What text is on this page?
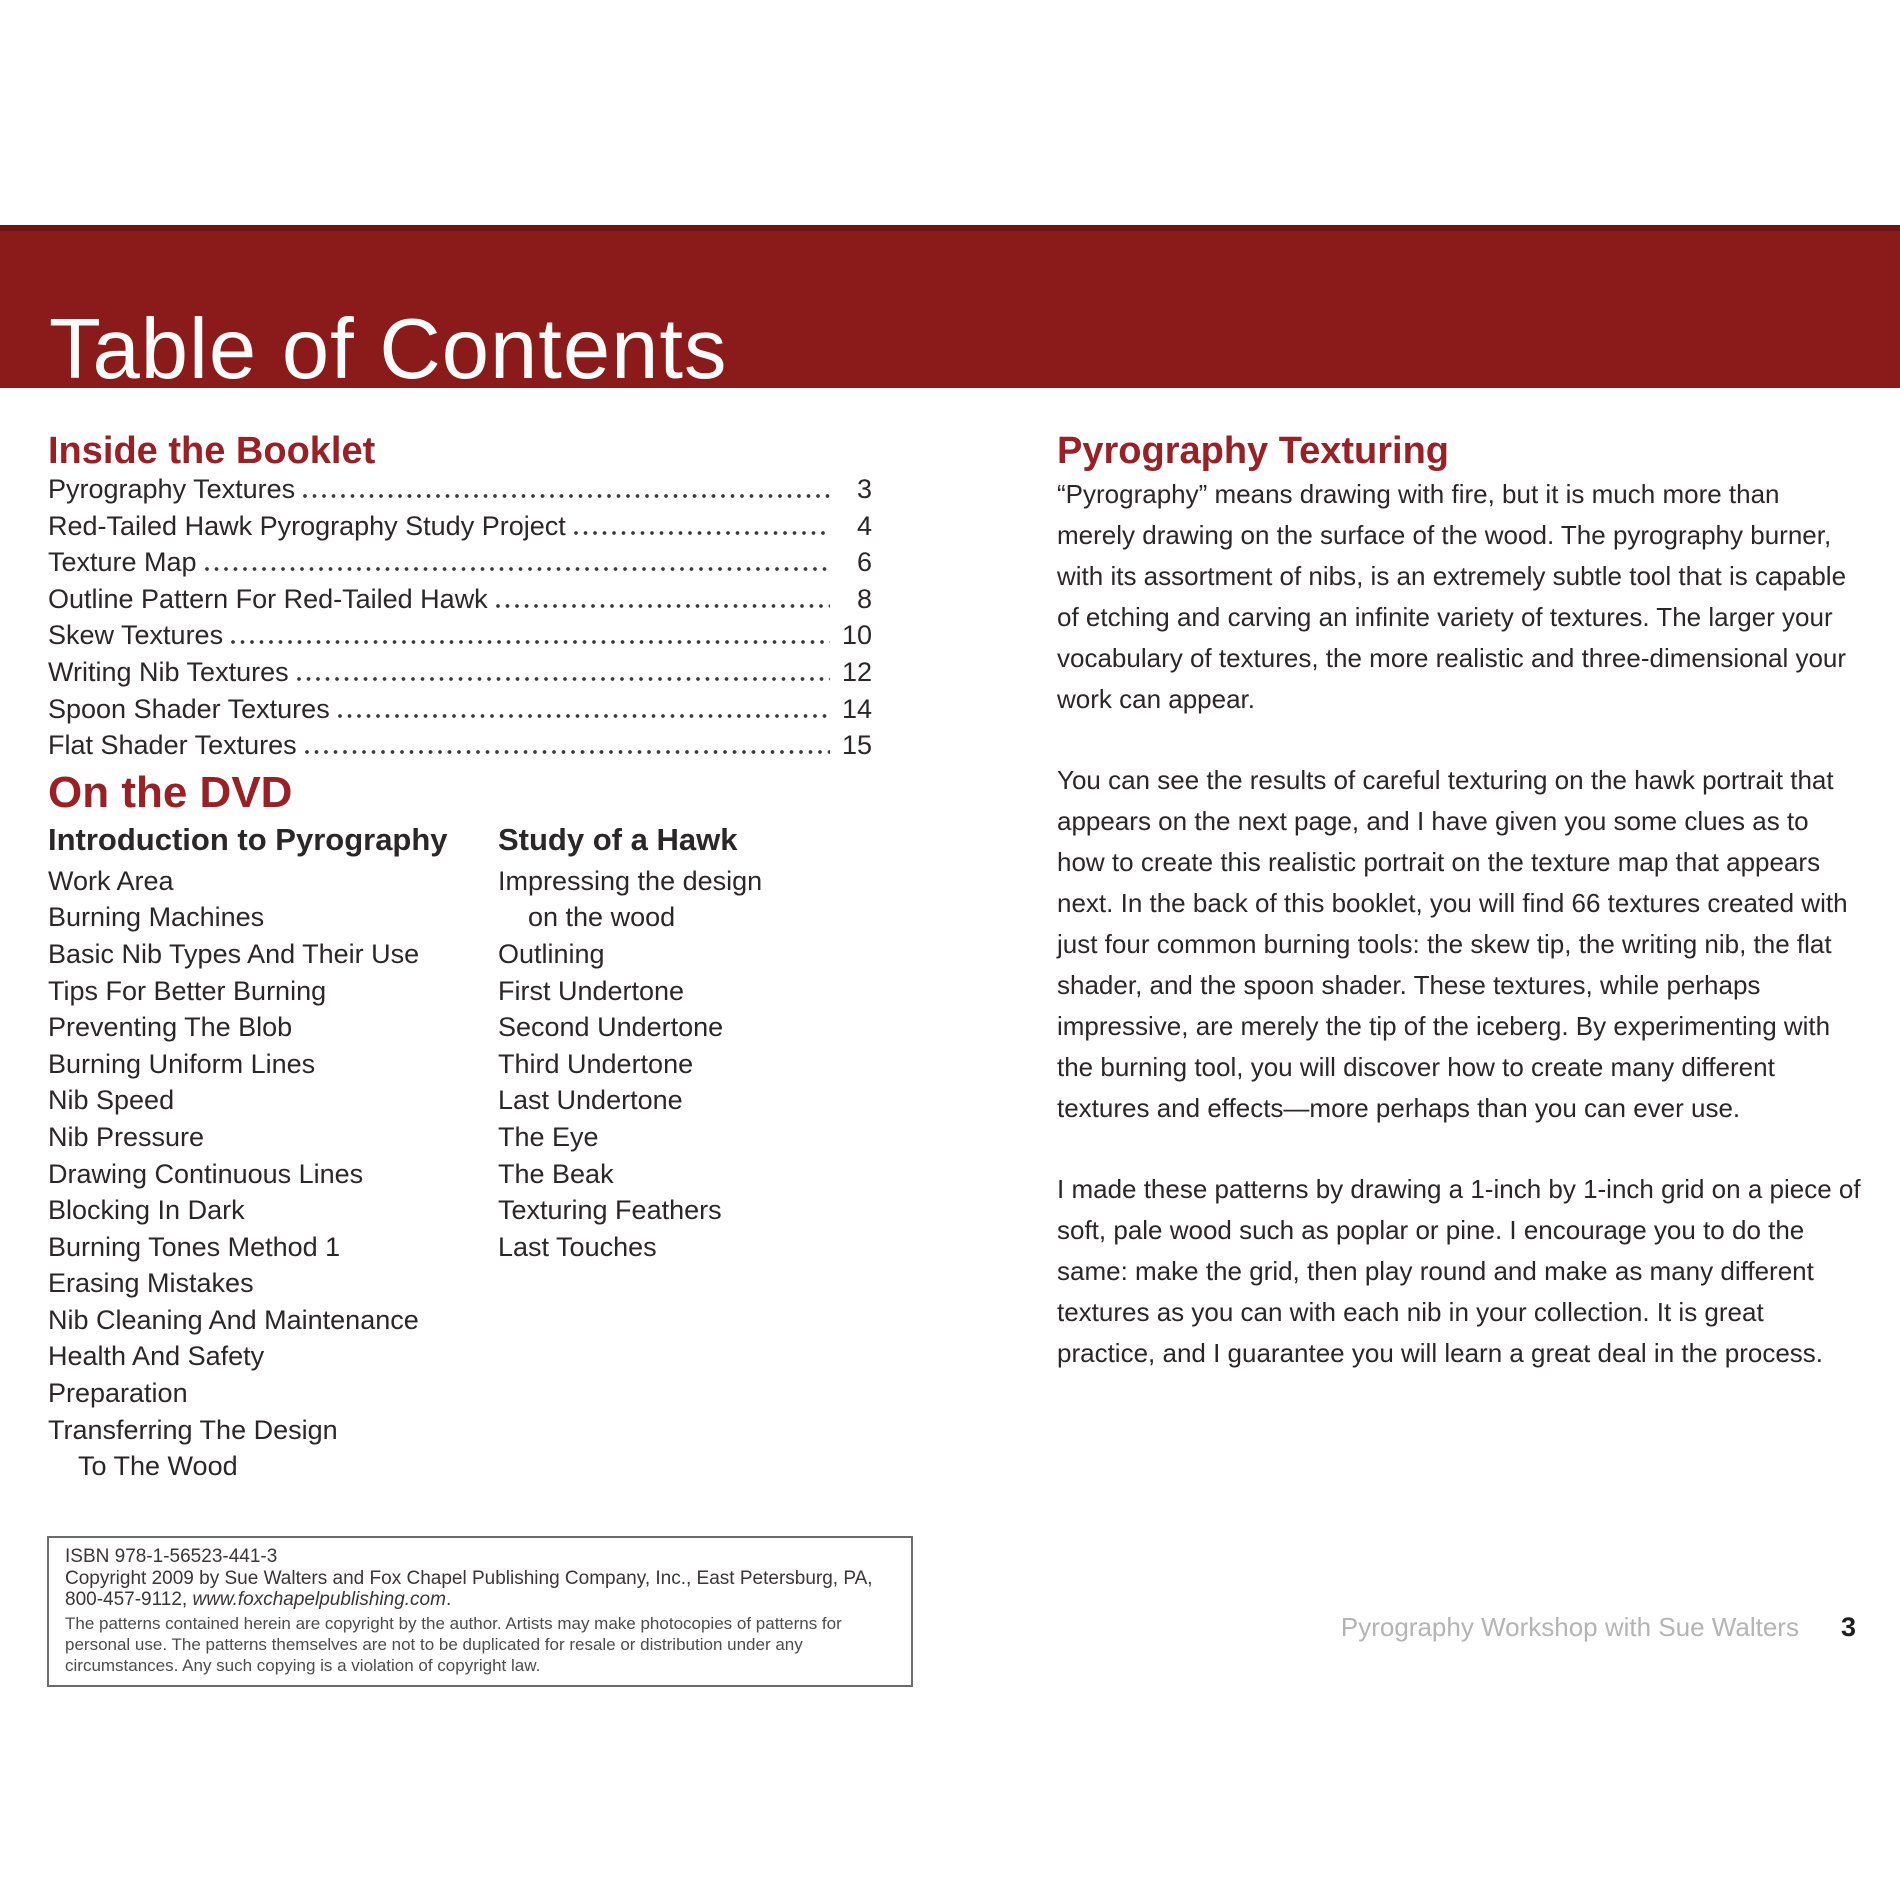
Table of Contents
Inside the Booklet
Pyrography Textures	3
Red-Tailed Hawk Pyrography Study Project	4
Texture Map	6
Outline Pattern For Red-Tailed Hawk	8
Skew Textures	10
Writing Nib Textures	12
Spoon Shader Textures	14
Flat Shader Textures	15
On the DVD
Introduction to Pyrography
Work Area
Burning Machines
Basic Nib Types And Their Use
Tips For Better Burning
Preventing The Blob
Burning Uniform Lines
Nib Speed
Nib Pressure
Drawing Continuous Lines
Blocking In Dark
Burning Tones Method 1
Erasing Mistakes
Nib Cleaning And Maintenance
Health And Safety
Preparation
Transferring The Design
To The Wood
Study of a Hawk
Impressing the design
on the wood
Outlining
First Undertone
Second Undertone
Third Undertone
Last Undertone
The Eye
The Beak
Texturing Feathers
Last Touches
ISBN 978-1-56523-441-3
Copyright 2009 by Sue Walters and Fox Chapel Publishing Company, Inc., East Petersburg, PA,
800-457-9112, www.foxchapelpublishing.com.
The patterns contained herein are copyright by the author. Artists may make photocopies of patterns for personal use. The patterns themselves are not to be duplicated for resale or distribution under any circumstances. Any such copying is a violation of copyright law.
Pyrography Texturing

“Pyrography” means drawing with fire, but it is much more than merely drawing on the surface of the wood. The pyrography burner, with its assortment of nibs, is an extremely subtle tool that is capable of etching and carving an infinite variety of textures. The larger your vocabulary of textures, the more realistic and three-dimensional your work can appear.

You can see the results of careful texturing on the hawk portrait that appears on the next page, and I have given you some clues as to how to create this realistic portrait on the texture map that appears next. In the back of this booklet, you will find 66 textures created with just four common burning tools: the skew tip, the writing nib, the flat shader, and the spoon shader. These textures, while perhaps impressive, are merely the tip of the iceberg. By experimenting with the burning tool, you will discover how to create many different textures and effects—more perhaps than you can ever use.

I made these patterns by drawing a 1-inch by 1-inch grid on a piece of soft, pale wood such as poplar or pine. I encourage you to do the same: make the grid, then play round and make as many different textures as you can with each nib in your collection. It is great practice, and I guarantee you will learn a great deal in the process.

Pyrography Workshop with Sue Walters 3
